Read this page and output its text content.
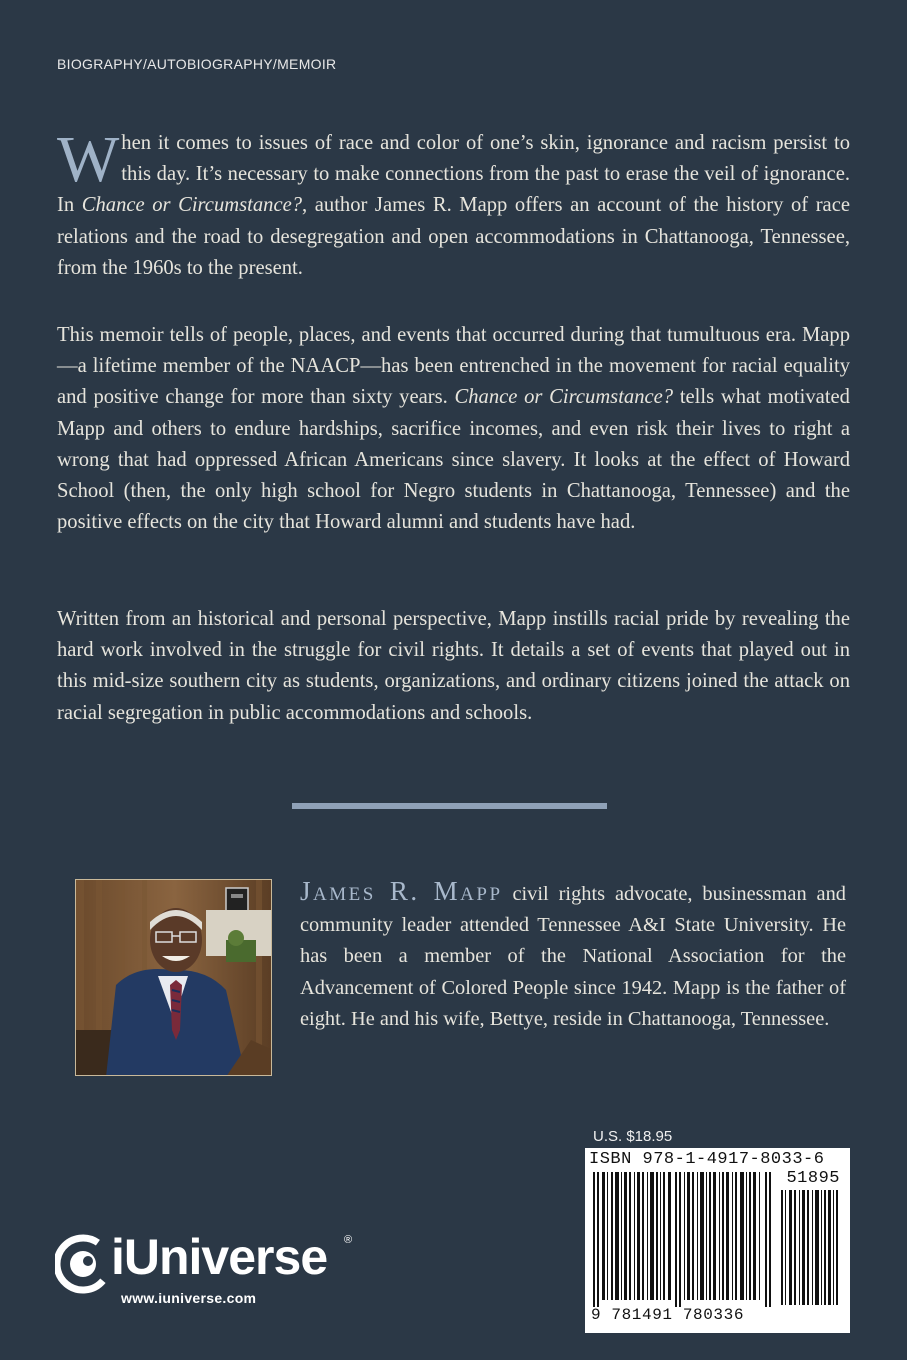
BIOGRAPHY/AUTOBIOGRAPHY/MEMOIR
When it comes to issues of race and color of one’s skin, ignorance and racism persist to this day. It’s necessary to make connections from the past to erase the veil of ignorance. In Chance or Circumstance?, author James R. Mapp offers an account of the history of race relations and the road to desegregation and open accommodations in Chattanooga, Tennessee, from the 1960s to the present.
This memoir tells of people, places, and events that occurred during that tumultuous era. Mapp—a lifetime member of the NAACP—has been entrenched in the movement for racial equality and positive change for more than sixty years. Chance or Circumstance? tells what motivated Mapp and others to endure hardships, sacrifice incomes, and even risk their lives to right a wrong that had oppressed African Americans since slavery. It looks at the effect of Howard School (then, the only high school for Negro students in Chattanooga, Tennessee) and the positive effects on the city that Howard alumni and students have had.
Written from an historical and personal perspective, Mapp instills racial pride by revealing the hard work involved in the struggle for civil rights. It details a set of events that played out in this mid-size southern city as students, organizations, and ordinary citizens joined the attack on racial segregation in public accommodations and schools.
James R. Mapp civil rights advocate, businessman and community leader attended Tennessee A&I State University. He has been a member of the National Association for the Advancement of Colored People since 1942. Mapp is the father of eight. He and his wife, Bettye, reside in Chattanooga, Tennessee.
U.S. $18.95
ISBN 978-1-4917-8033-6
51895
9 781491 780336
iUniverse ®
www.iuniverse.com
